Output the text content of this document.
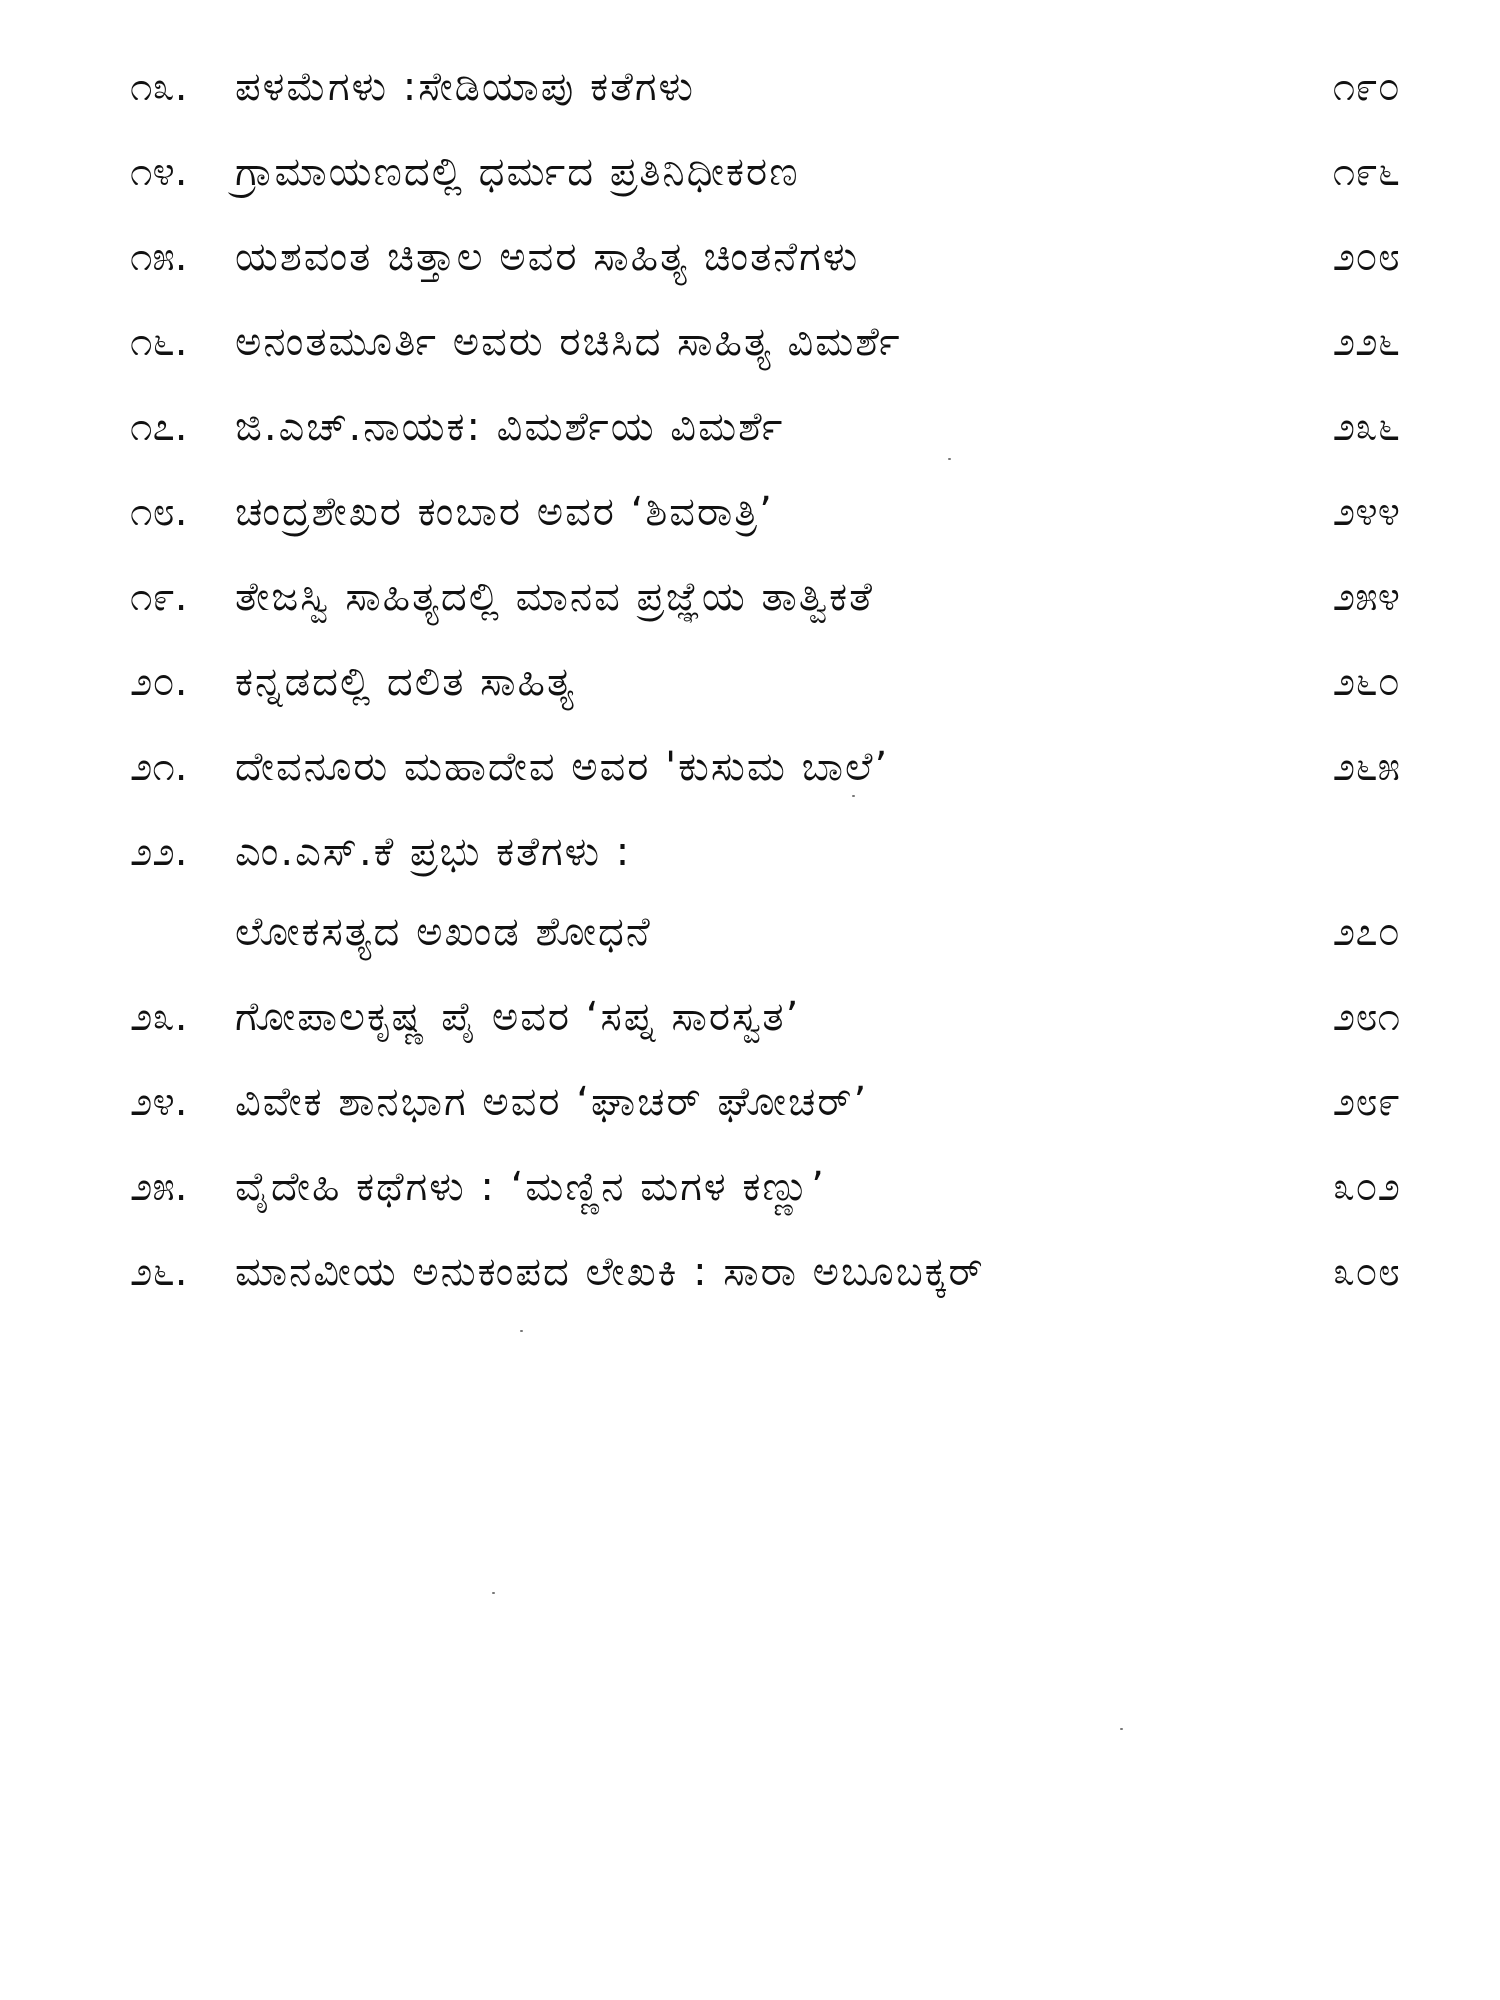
೧೩.	ಪಳಮೆಗಳು :ಸೇಡಿಯಾಪು ಕತೆಗಳು	೧೯೦
೧೪.	ಗ್ರಾಮಾಯಣದಲ್ಲಿ ಧರ್ಮದ ಪ್ರತಿನಿಧೀಕರಣ	೧೯೬
೧೫.	ಯಶವಂತ ಚಿತ್ತಾಲ ಅವರ ಸಾಹಿತ್ಯ ಚಿಂತನೆಗಳು	೨೦೮
೧೬.	ಅನಂತಮೂರ್ತಿ ಅವರು ರಚಿಸಿದ ಸಾಹಿತ್ಯ ವಿಮರ್ಶೆ	೨೨೬
೧೭.	ಜಿ.ಎಚ್.ನಾಯಕ: ವಿಮರ್ಶೆಯ ವಿಮರ್ಶೆ	೨೩೬
೧೮.	ಚಂದ್ರಶೇಖರ ಕಂಬಾರ ಅವರ ‘ಶಿವರಾತ್ರಿ’	೨೪೪
೧೯.	ತೇಜಸ್ವಿ ಸಾಹಿತ್ಯದಲ್ಲಿ ಮಾನವ ಪ್ರಜ್ಞೆಯ ತಾತ್ವಿಕತೆ	೨೫೪
೨೦.	ಕನ್ನಡದಲ್ಲಿ ದಲಿತ ಸಾಹಿತ್ಯ	೨೬೦
೨೧.	ದೇವನೂರು ಮಹಾದೇವ ಅವರ 'ಕುಸುಮ ಬಾಲೆ’	೨೬೫
೨೨.	ಎಂ.ಎಸ್.ಕೆ ಪ್ರಭು ಕತೆಗಳು :
ಲೋಕಸತ್ಯದ ಅಖಂಡ ಶೋಧನೆ	೨೭೦
೨೩.	ಗೋಪಾಲಕೃಷ್ಣ ಪೈ ಅವರ ‘ಸಪ್ನ ಸಾರಸ್ವತ’	೨೮೧
೨೪.	ವಿವೇಕ ಶಾನಭಾಗ ಅವರ ‘ಘಾಚರ್ ಘೋಚರ್’	೨೮೯
೨೫.	ವೈದೇಹಿ ಕಥೆಗಳು : ‘ಮಣ್ಣಿನ ಮಗಳ ಕಣ್ಣು’	೩೦೨
೨೬.	ಮಾನವೀಯ ಅನುಕಂಪದ ಲೇಖಕಿ : ಸಾರಾ ಅಬೂಬಕ್ಕರ್	೩೦೮
